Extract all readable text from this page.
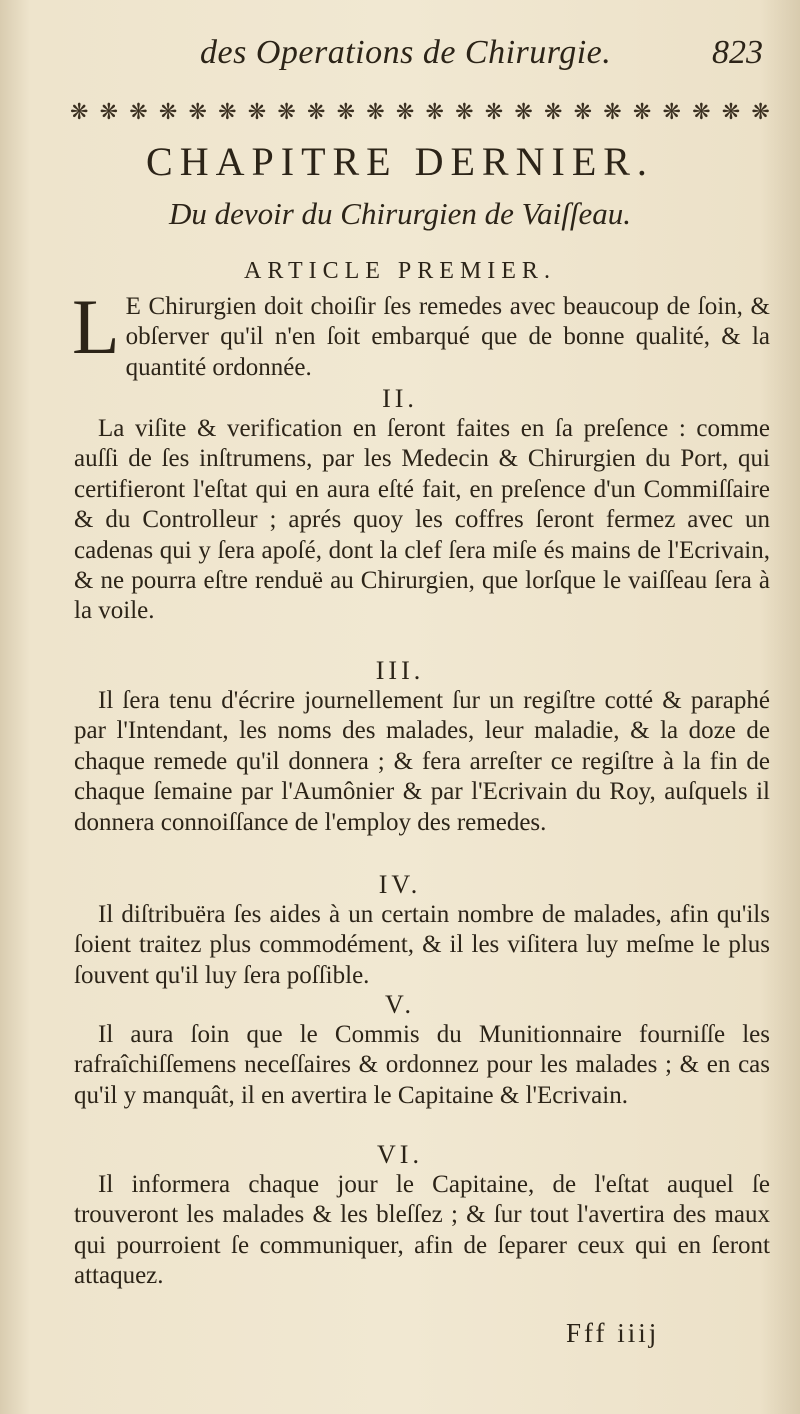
des Operations de Chirurgie.	823
❋ ❋ ❋ ❋ ❋ ❋ ❋ ❋ ❋ ❋ ❋ ❋ ❋ ❋ ❋ ❋ ❋ ❋ ❋ ❋ ❋ ❋ ❋ ❋
CHAPITRE DERNIER.
Du devoir du Chirurgien de Vaiſſeau.
ARTICLE PREMIER.
L E Chirurgien doit choiſir ſes remedes avec beaucoup de ſoin, & obſerver qu'il n'en ſoit embarqué que de bonne qualité, & la quantité ordonnée.
II.
La viſite & verification en ſeront faites en ſa preſence : comme auſſi de ſes inſtrumens, par les Medecin & Chirurgien du Port, qui certifieront l'eſtat qui en aura eſté fait, en preſence d'un Commiſſaire & du Controlleur ; aprés quoy les coffres ſeront fermez avec un cadenas qui y ſera apoſé, dont la clef ſera miſe és mains de l'Ecrivain, & ne pourra eſtre renduë au Chirurgien, que lorſque le vaiſſeau ſera à la voile.
III.
Il ſera tenu d'écrire journellement ſur un regiſtre cotté & paraphé par l'Intendant, les noms des malades, leur maladie, & la doze de chaque remede qu'il donnera ; & fera arreſter ce regiſtre à la fin de chaque ſemaine par l'Aumônier & par l'Ecrivain du Roy, auſquels il donnera connoiſſance de l'employ des remedes.
IV.
Il diſtribuëra ſes aides à un certain nombre de malades, afin qu'ils ſoient traitez plus commodément, & il les viſitera luy meſme le plus ſouvent qu'il luy ſera poſſible.
V.
Il aura ſoin que le Commis du Munitionnaire fourniſſe les rafraîchiſſemens neceſſaires & ordonnez pour les malades ; & en cas qu'il y manquât, il en avertira le Capitaine & l'Ecrivain.
VI.
Il informera chaque jour le Capitaine, de l'eſtat auquel ſe trouveront les malades & les bleſſez ; & ſur tout l'avertira des maux qui pourroient ſe communiquer, afin de ſeparer ceux qui en ſeront attaquez.
Fff iiij
